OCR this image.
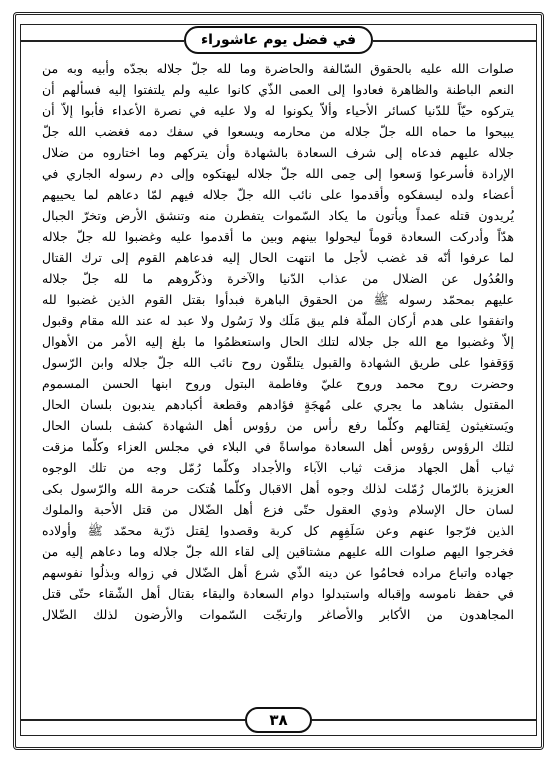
في فضل يوم عاشوراء
صلوات الله عليه بالحقوق السّالفة والحاضرة وما لله جلّ جلاله بجدّه وأبيه وبه من
النعم الباطنة والظاهرة فعادوا إلى العمى الذّي كانوا عليه ولم يلتفتوا إليه فسألهم أن
يتركوه حيّاً للدّنيا كسائر الأحياء وألاّ يكونوا له ولا عليه في نصرة الأعداء فأبوا إلاّ أن
يبيحوا ما حماه الله جلّ جلاله من محارمه ويسعوا في سفك دمه فغضب الله جلّ
جلاله عليهم فدعاه إلى شرف السعادة بالشهادة وأن يتركهم وما اختاروه من ضلال
الإرادة فأسرعوا وَسعوا إلى حِمى الله جلّ جلاله ليهتكوه وإلى دم رسوله الجاري في
أعضاء ولده ليسفكوه وأقدموا على نائب الله جلّ جلاله فيهم لمّا دعاهم لما يحييهم
يُريدون قتله عمداً ويأتون ما يكاد السّموات يتفطرن منه وتنشق الأرض وتخرّ الجبال
هدّاً وأدركت السعادة قوماً ليحولوا بينهم وبين ما أقدموا عليه وغضبوا لله جلّ جلاله
لما عرفوا أنّه قد غضب لأجل ما انتهت الحال إليه فدعاهم القوم إلى ترك القتال
والعُدُول عن الضلال من عذاب الدّنيا والآخرة وذكّروهم ما لله جلّ جلاله
عليهم بمحمّد رسوله ﷺ من الحقوق الباهرة فبدأوا بقتل القوم الذين غضبوا لله
واتفقوا على هدم أركان الملّة فلم يبق مَلَك ولا رَسُول ولا عبد له عند الله مقام وقبول
إلاّ وغضبوا مع الله جل جلاله لتلك الحال واستعظمُوا ما بلغ إليه الأمر من الأهوال
وَوَقفوا على طريق الشهادة والقبول يتلقّون روح نائب الله جلّ جلاله وابن الرّسول
وحضرت روح محمد وروح عليّ وفاطمة البتول وروح ابنها الحسن المسموم
المقتول بشاهد ما يجري على مُهجَةٍ فؤادهم وقطعة أكبادهم يندبون بلسان الحال
ويَستغيثون لِقتالهم وكلّما رفع رأس من رؤوس أهل الشهادة كشف بلسان الحال
لتلك الرؤوس رؤوس أهل السعادة مواساةً في البلاء في مجلس العزاء وكلّما مزقت
ثياب أهل الجهاد مزقت ثياب الآباء والأجداد وكلّما رُمّل وجه من تلك الوجوه
العزيزة بالرّمال رُمّلت لذلك وجوه أهل الاقبال وكلّما هُتكت حرمة الله والرّسول بكى
لسان حال الإسلام وذوي العقول حتّى فزع أهل الضّلال من قتل الأحبة والملوك
الذين فرّجوا عنهم وعن سَلَفِهِم كل كربة وقصدوا لِقتل ذرّية محمّد ﷺ وأولاده
فخرجوا اليهم صلوات الله عليهم مشتاقين إلى لقاء الله جلّ جلاله وما دعاهم إليه من
جهاده واتباع مراده فحامُوا عن دينه الذّي شرع أهل الضّلال في زواله وبذلُوا نفوسهم
في حفظ ناموسه وإقباله واستبدلوا دوام السعادة والبقاء بقتال أهل الشّقاء حتّى قتل
المجاهدون من الأكابر والأصاغر وارتجّت السّموات والأرضون لذلك الضّلال
٣٨
